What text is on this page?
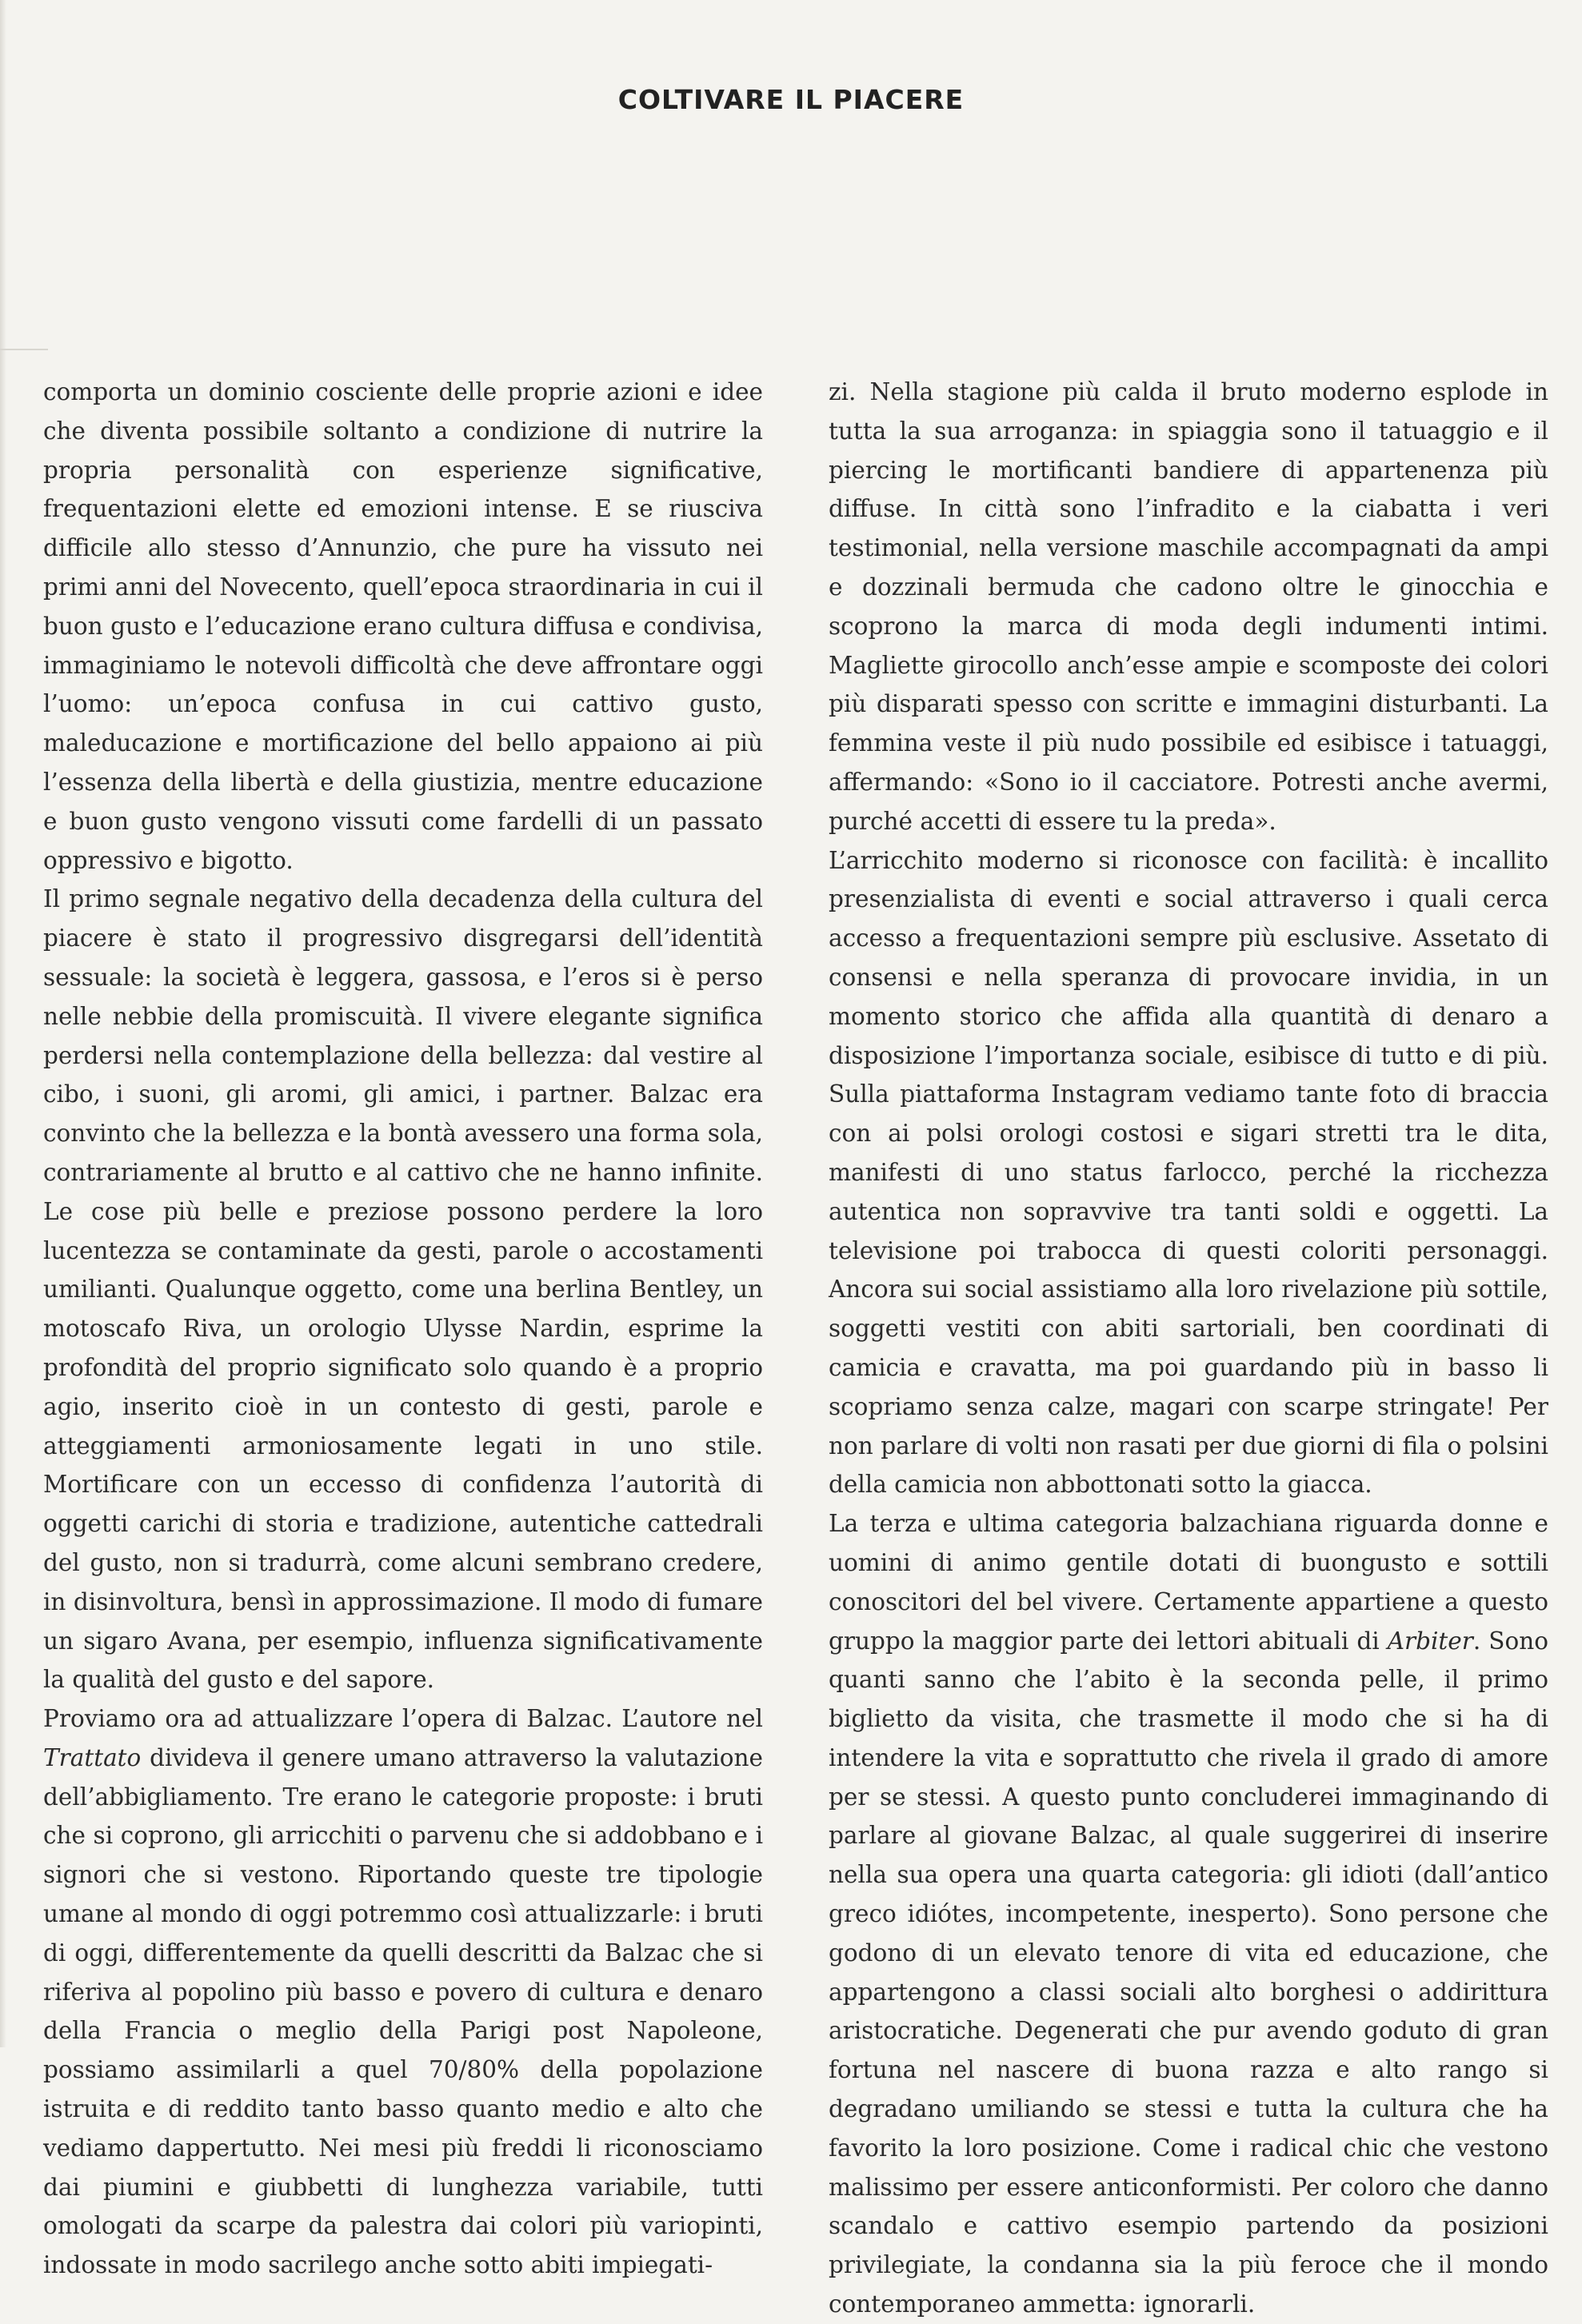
COLTIVARE IL PIACERE

comporta un dominio cosciente delle proprie azioni e idee che diventa possibile soltanto a condizione di nutrire la propria personalità con esperienze significative, frequentazioni elette ed emozioni intense. E se riusciva difficile allo stesso d’Annunzio, che pure ha vissuto nei primi anni del Novecento, quell’epoca straordinaria in cui il buon gusto e l’educazione erano cultura diffusa e condivisa, immaginiamo le notevoli difficoltà che deve affrontare oggi l’uomo: un’epoca confusa in cui cattivo gusto, maleducazione e mortificazione del bello appaiono ai più l’essenza della libertà e della giustizia, mentre educazione e buon gusto vengono vissuti come fardelli di un passato oppressivo e bigotto.

Il primo segnale negativo della decadenza della cultura del piacere è stato il progressivo disgregarsi dell’identità sessuale: la società è leggera, gassosa, e l’eros si è perso nelle nebbie della promiscuità. Il vivere elegante significa perdersi nella contemplazione della bellezza: dal vestire al cibo, i suoni, gli aromi, gli amici, i partner. Balzac era convinto che la bellezza e la bontà avessero una forma sola, contrariamente al brutto e al cattivo che ne hanno infinite. Le cose più belle e preziose possono perdere la loro lucentezza se contaminate da gesti, parole o accostamenti umilianti. Qualunque oggetto, come una berlina Bentley, un motoscafo Riva, un orologio Ulysse Nardin, esprime la profondità del proprio significato solo quando è a proprio agio, inserito cioè in un contesto di gesti, parole e atteggiamenti armoniosamente legati in uno stile. Mortificare con un eccesso di confidenza l’autorità di oggetti carichi di storia e tradizione, autentiche cattedrali del gusto, non si tradurrà, come alcuni sembrano credere, in disinvoltura, bensì in approssimazione. Il modo di fumare un sigaro Avana, per esempio, influenza significativamente la qualità del gusto e del sapore.

Proviamo ora ad attualizzare l’opera di Balzac. L’autore nel Trattato divideva il genere umano attraverso la valutazione dell’abbigliamento. Tre erano le categorie proposte: i bruti che si coprono, gli arricchiti o parvenu che si addobbano e i signori che si vestono. Riportando queste tre tipologie umane al mondo di oggi potremmo così attualizzarle: i bruti di oggi, differentemente da quelli descritti da Balzac che si riferiva al popolino più basso e povero di cultura e denaro della Francia o meglio della Parigi post Napoleone, possiamo assimilarli a quel 70/80% della popolazione istruita e di reddito tanto basso quanto medio e alto che vediamo dappertutto. Nei mesi più freddi li riconosciamo dai piumini e giubbetti di lunghezza variabile, tutti omologati da scarpe da palestra dai colori più variopinti, indossate in modo sacrilego anche sotto abiti impiegati-

zi. Nella stagione più calda il bruto moderno esplode in tutta la sua arroganza: in spiaggia sono il tatuaggio e il piercing le mortificanti bandiere di appartenenza più diffuse. In città sono l’infradito e la ciabatta i veri testimonial, nella versione maschile accompagnati da ampi e dozzinali bermuda che cadono oltre le ginocchia e scoprono la marca di moda degli indumenti intimi. Magliette girocollo anch’esse ampie e scomposte dei colori più disparati spesso con scritte e immagini disturbanti. La femmina veste il più nudo possibile ed esibisce i tatuaggi, affermando: «Sono io il cacciatore. Potresti anche avermi, purché accetti di essere tu la preda».

L’arricchito moderno si riconosce con facilità: è incallito presenzialista di eventi e social attraverso i quali cerca accesso a frequentazioni sempre più esclusive. Assetato di consensi e nella speranza di provocare invidia, in un momento storico che affida alla quantità di denaro a disposizione l’importanza sociale, esibisce di tutto e di più. Sulla piattaforma Instagram vediamo tante foto di braccia con ai polsi orologi costosi e sigari stretti tra le dita, manifesti di uno status farlocco, perché la ricchezza autentica non sopravvive tra tanti soldi e oggetti. La televisione poi trabocca di questi coloriti personaggi. Ancora sui social assistiamo alla loro rivelazione più sottile, soggetti vestiti con abiti sartoriali, ben coordinati di camicia e cravatta, ma poi guardando più in basso li scopriamo senza calze, magari con scarpe stringate! Per non parlare di volti non rasati per due giorni di fila o polsini della camicia non abbottonati sotto la giacca.

La terza e ultima categoria balzachiana riguarda donne e uomini di animo gentile dotati di buongusto e sottili conoscitori del bel vivere. Certamente appartiene a questo gruppo la maggior parte dei lettori abituali di Arbiter. Sono quanti sanno che l’abito è la seconda pelle, il primo biglietto da visita, che trasmette il modo che si ha di intendere la vita e soprattutto che rivela il grado di amore per se stessi. A questo punto concluderei immaginando di parlare al giovane Balzac, al quale suggerirei di inserire nella sua opera una quarta categoria: gli idioti (dall’antico greco idiótes, incompetente, inesperto). Sono persone che godono di un elevato tenore di vita ed educazione, che appartengono a classi sociali alto borghesi o addirittura aristocratiche. Degenerati che pur avendo goduto di gran fortuna nel nascere di buona razza e alto rango si degradano umiliando se stessi e tutta la cultura che ha favorito la loro posizione. Come i radical chic che vestono malissimo per essere anticonformisti. Per coloro che danno scandalo e cattivo esempio partendo da posizioni privilegiate, la condanna sia la più feroce che il mondo contemporaneo ammetta: ignorarli.
